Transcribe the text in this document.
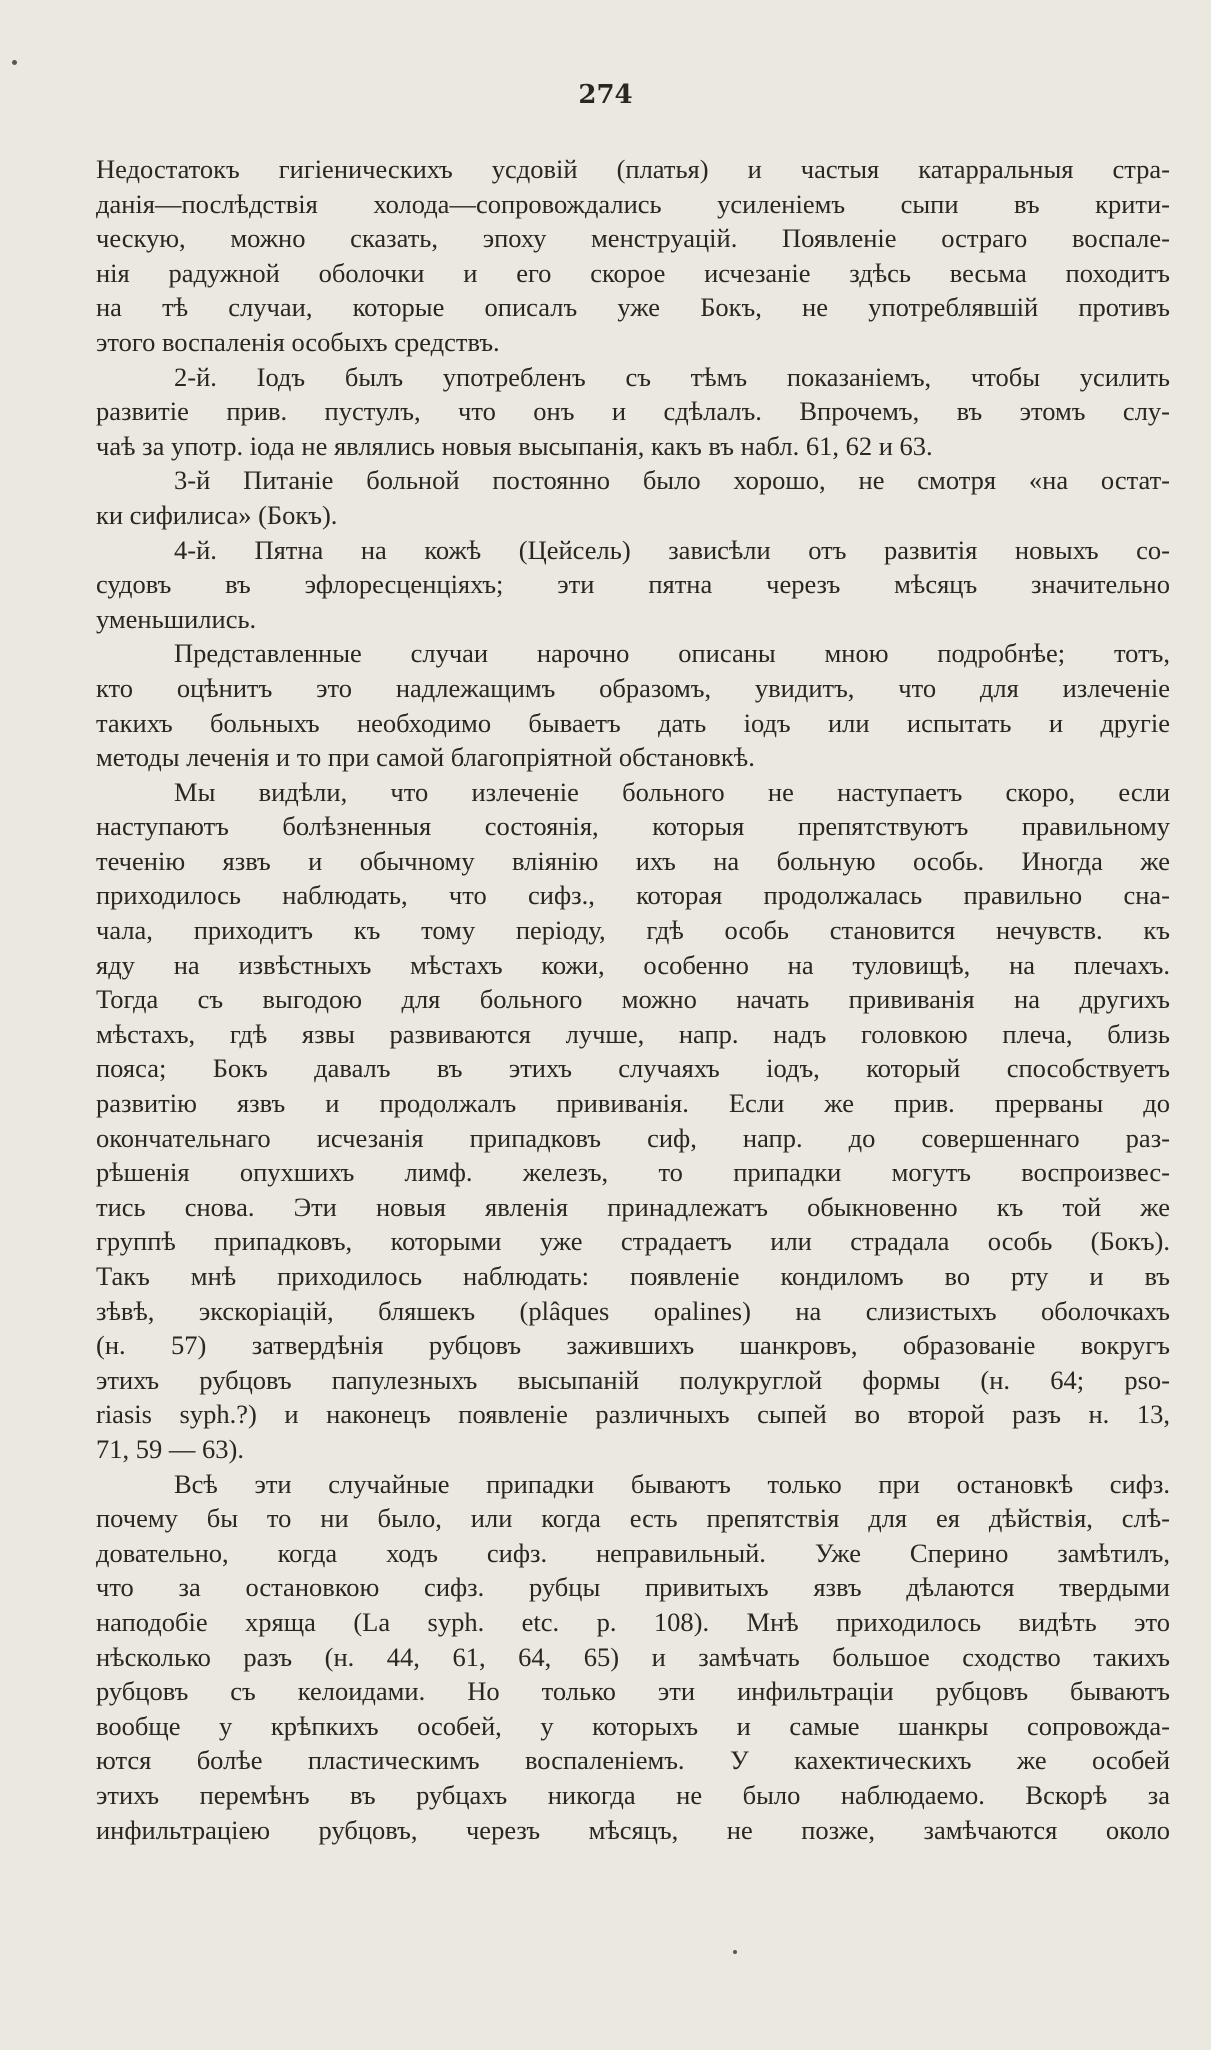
274

Недостатокъ гигіеническихъ усдовій (платья) и частыя катарральныя стра-

данія—послѣдствія холода—сопровождались усиленіемъ сыпи въ крити-

ческую, можно сказать, эпоху менструацій. Появленіе остраго воспале-

нія радужной оболочки и его скорое исчезаніе здѣсь весьма походитъ

на тѣ случаи, которые описалъ уже Бокъ, не употреблявшій противъ

этого воспаленія особыхъ средствъ.

2-й. Іодъ былъ употребленъ съ тѣмъ показаніемъ, чтобы усилить

развитіе прив. пустулъ, что онъ и сдѣлалъ. Впрочемъ, въ этомъ слу-

чаѣ за употр. іода не являлись новыя высыпанія, какъ въ набл. 61, 62 и 63.

3-й Питаніе больной постоянно было хорошо, не смотря «на остат-

ки сифилиса» (Бокъ).

4-й. Пятна на кожѣ (Цейсель) зависѣли отъ развитія новыхъ со-

судовъ въ эфлоресценціяхъ; эти пятна черезъ мѣсяцъ значительно

уменьшились.

Представленные случаи нарочно описаны мною подробнѣе; тотъ,

кто оцѣнитъ это надлежащимъ образомъ, увидитъ, что для излеченіе

такихъ больныхъ необходимо бываетъ дать іодъ или испытать и другіе

методы леченія и то при самой благопріятной обстановкѣ.

Мы видѣли, что излеченіе больного не наступаетъ скоро, если

наступаютъ болѣзненныя состоянія, которыя препятствуютъ правильному

теченію язвъ и обычному вліянію ихъ на больную особь. Иногда же

приходилось наблюдать, что сифз., которая продолжалась правильно сна-

чала, приходитъ къ тому періоду, гдѣ особь становится нечувств. къ

яду на извѣстныхъ мѣстахъ кожи, особенно на туловищѣ, на плечахъ.

Тогда съ выгодою для больного можно начать прививанія на другихъ

мѣстахъ, гдѣ язвы развиваются лучше, напр. надъ головкою плеча, близь

пояса; Бокъ давалъ въ этихъ случаяхъ іодъ, который способствуетъ

развитію язвъ и продолжалъ прививанія. Если же прив. прерваны до

окончательнаго исчезанія припадковъ сиф, напр. до совершеннаго раз-

рѣшенія опухшихъ лимф. железъ, то припадки могутъ воспроизвес-

тись снова. Эти новыя явленія принадлежатъ обыкновенно къ той же

группѣ припадковъ, которыми уже страдаетъ или страдала особь (Бокъ).

Такъ мнѣ приходилось наблюдать: появленіе кондиломъ во рту и въ

зѣвѣ, экскоріацій, бляшекъ (plâques opalines) на слизистыхъ оболочкахъ

(н. 57) затвердѣнія рубцовъ зажившихъ шанкровъ, образованіе вокругъ

этихъ рубцовъ папулезныхъ высыпаній полукруглой формы (н. 64; pso-

riasis syph.?) и наконецъ появленіе различныхъ сыпей во второй разъ н. 13,

71, 59 — 63).

Всѣ эти случайные припадки бываютъ только при остановкѣ сифз.

почему бы то ни было, или когда есть препятствія для ея дѣйствія, слѣ-

довательно, когда ходъ сифз. неправильный. Уже Сперино замѣтилъ,

что за остановкою сифз. рубцы привитыхъ язвъ дѣлаются твердыми

наподобіе хряща (La syph. etc. p. 108). Мнѣ приходилось видѣть это

нѣсколько разъ (н. 44, 61, 64, 65) и замѣчать большое сходство такихъ

рубцовъ съ келоидами. Но только эти инфильтраціи рубцовъ бываютъ

вообще у крѣпкихъ особей, у которыхъ и самые шанкры сопровожда-

ются болѣе пластическимъ воспаленіемъ. У кахектическихъ же особей

этихъ перемѣнъ въ рубцахъ никогда не было наблюдаемо. Вскорѣ за

инфильтраціею рубцовъ, черезъ мѣсяцъ, не позже, замѣчаются около
